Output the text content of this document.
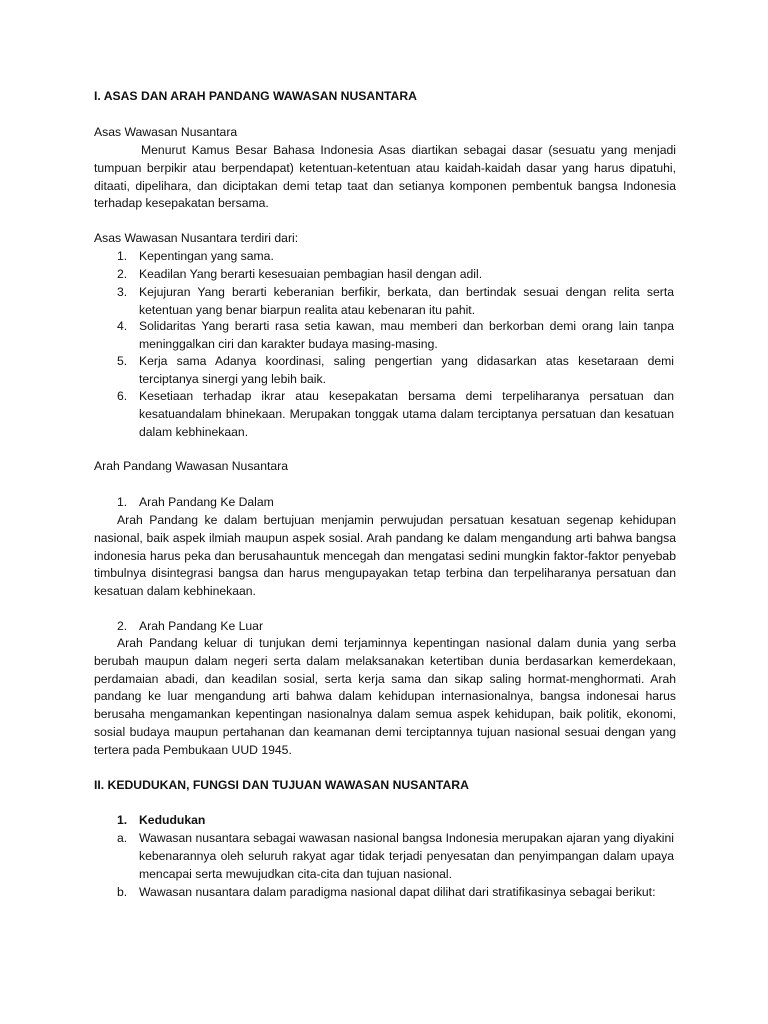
I. ASAS DAN ARAH PANDANG WAWASAN NUSANTARA

Asas Wawasan Nusantara

Menurut Kamus Besar Bahasa Indonesia Asas diartikan sebagai dasar (sesuatu yang menjadi tumpuan berpikir atau berpendapat) ketentuan-ketentuan atau kaidah-kaidah dasar yang harus dipatuhi, ditaati, dipelihara, dan diciptakan demi tetap taat dan setianya komponen pembentuk bangsa Indonesia terhadap kesepakatan bersama.

Asas Wawasan Nusantara terdiri dari:

1. Kepentingan yang sama.
2. Keadilan Yang berarti kesesuaian pembagian hasil dengan adil.
3. Kejujuran Yang berarti keberanian berfikir, berkata, dan bertindak sesuai dengan relita serta ketentuan yang benar biarpun realita atau kebenaran itu pahit.
4. Solidaritas Yang berarti rasa setia kawan, mau memberi dan berkorban demi orang lain tanpa meninggalkan ciri dan karakter budaya masing-masing.
5. Kerja sama Adanya koordinasi, saling pengertian yang didasarkan atas kesetaraan demi terciptanya sinergi yang lebih baik.
6. Kesetiaan terhadap ikrar atau kesepakatan bersama demi terpeliharanya persatuan dan kesatuandalam bhinekaan. Merupakan tonggak utama dalam terciptanya persatuan dan kesatuan dalam kebhinekaan.

Arah Pandang Wawasan Nusantara

1. Arah Pandang Ke Dalam

Arah Pandang ke dalam bertujuan menjamin perwujudan persatuan kesatuan segenap kehidupan nasional, baik aspek ilmiah maupun aspek sosial. Arah pandang ke dalam mengandung arti bahwa bangsa indonesia harus peka dan berusahauntuk mencegah dan mengatasi sedini mungkin faktor-faktor penyebab timbulnya disintegrasi bangsa dan harus mengupayakan tetap terbina dan terpeliharanya persatuan dan kesatuan dalam kebhinekaan.

2. Arah Pandang Ke Luar

Arah Pandang keluar di tunjukan demi terjaminnya kepentingan nasional dalam dunia yang serba berubah maupun dalam negeri serta dalam melaksanakan ketertiban dunia berdasarkan kemerdekaan, perdamaian abadi, dan keadilan sosial, serta kerja sama dan sikap saling hormat-menghormati. Arah pandang ke luar mengandung arti bahwa dalam kehidupan internasionalnya, bangsa indonesai harus berusaha mengamankan kepentingan nasionalnya dalam semua aspek kehidupan, baik politik, ekonomi, sosial budaya maupun pertahanan dan keamanan demi terciptannya tujuan nasional sesuai dengan yang tertera pada Pembukaan UUD 1945.

II. KEDUDUKAN, FUNGSI DAN TUJUAN WAWASAN NUSANTARA

1. Kedudukan
a. Wawasan nusantara sebagai wawasan nasional bangsa Indonesia merupakan ajaran yang diyakini kebenarannya oleh seluruh rakyat agar tidak terjadi penyesatan dan penyimpangan dalam upaya mencapai serta mewujudkan cita-cita dan tujuan nasional.
b. Wawasan nusantara dalam paradigma nasional dapat dilihat dari stratifikasinya sebagai berikut:
